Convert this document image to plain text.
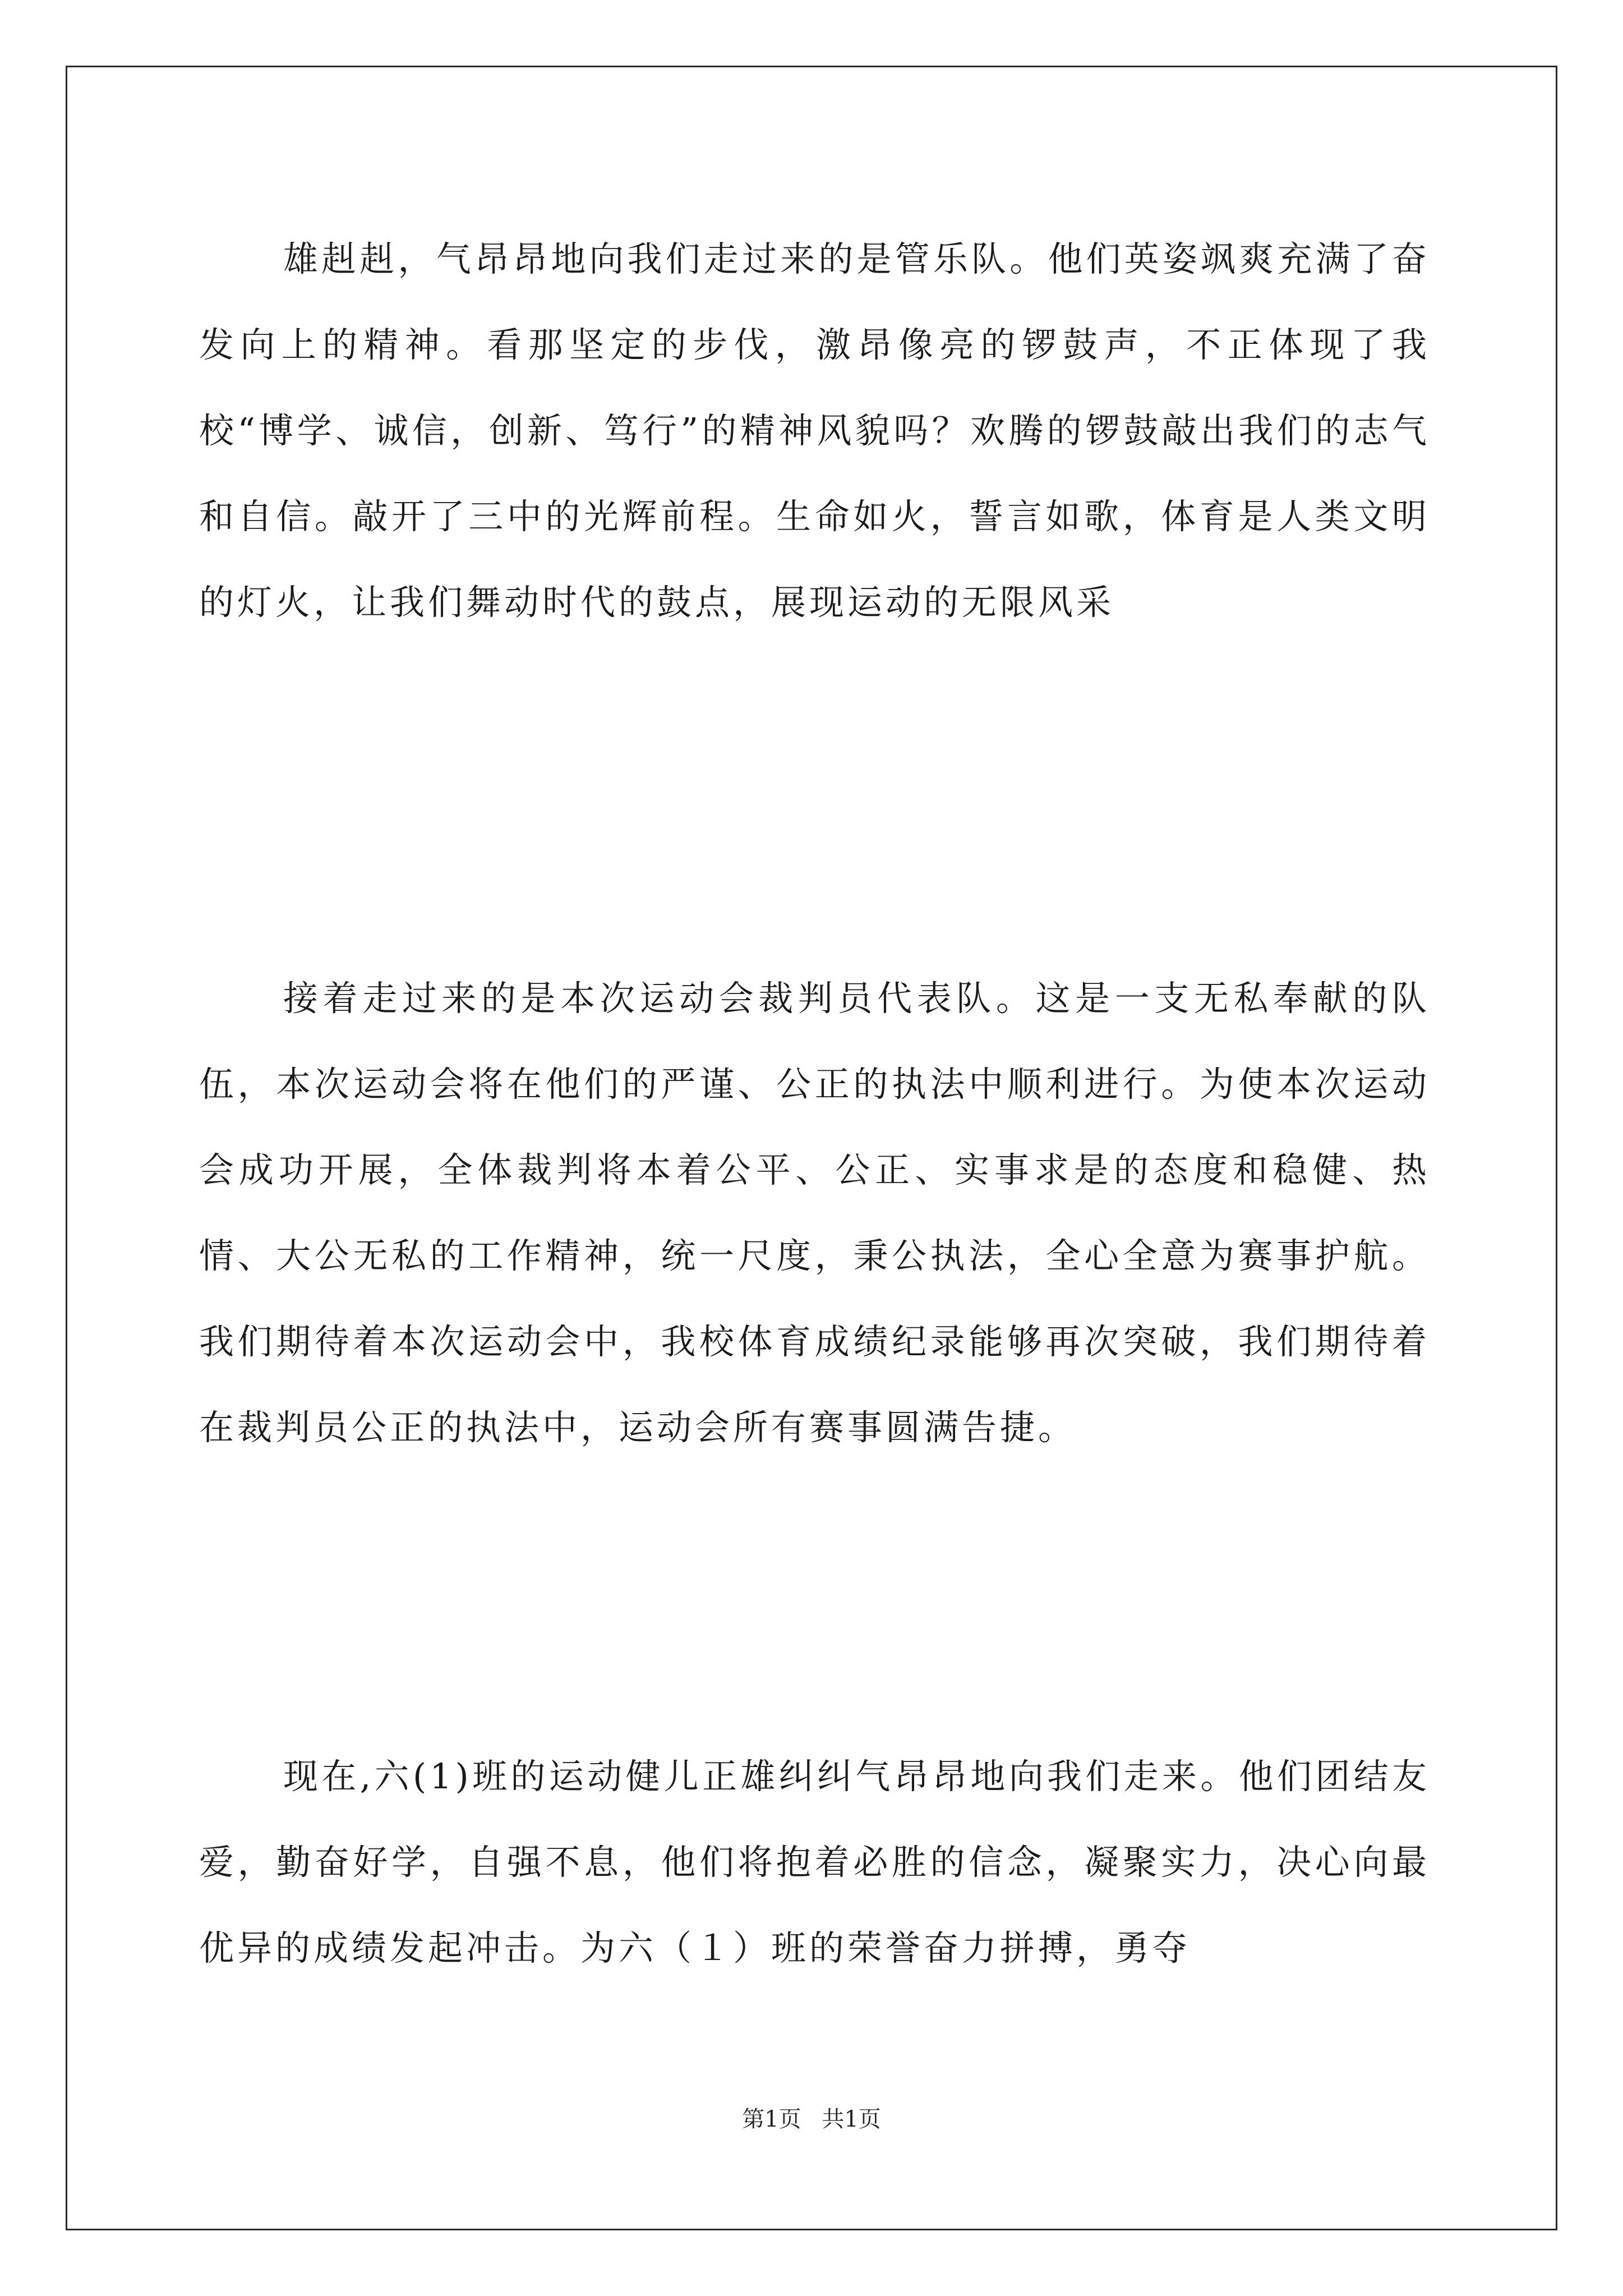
雄赳赳，气昂昂地向我们走过来的是管乐队。他们英姿飒爽充满了奋发向上的精神。看那坚定的步伐，激昂像亮的锣鼓声，不正体现了我校“博学、诚信，创新、笃行”的精神风貌吗？欢腾的锣鼓敲出我们的志气和自信。敲开了三中的光辉前程。生命如火，誓言如歌，体育是人类文明的灯火，让我们舞动时代的鼓点，展现运动的无限风采

接着走过来的是本次运动会裁判员代表队。这是一支无私奉献的队伍，本次运动会将在他们的严谨、公正的执法中顺利进行。为使本次运动会成功开展，全体裁判将本着公平、公正、实事求是的态度和稳健、热情、大公无私的工作精神，统一尺度，秉公执法，全心全意为赛事护航。我们期待着本次运动会中，我校体育成绩纪录能够再次突破，我们期待着在裁判员公正的执法中，运动会所有赛事圆满告捷。

现在,六(1)班的运动健儿正雄纠纠气昂昂地向我们走来。他们团结友爱，勤奋好学，自强不息，他们将抱着必胜的信念，凝聚实力，决心向最优异的成绩发起冲击。为六（１）班的荣誉奋力拼搏，勇夺

第1页 共1页
